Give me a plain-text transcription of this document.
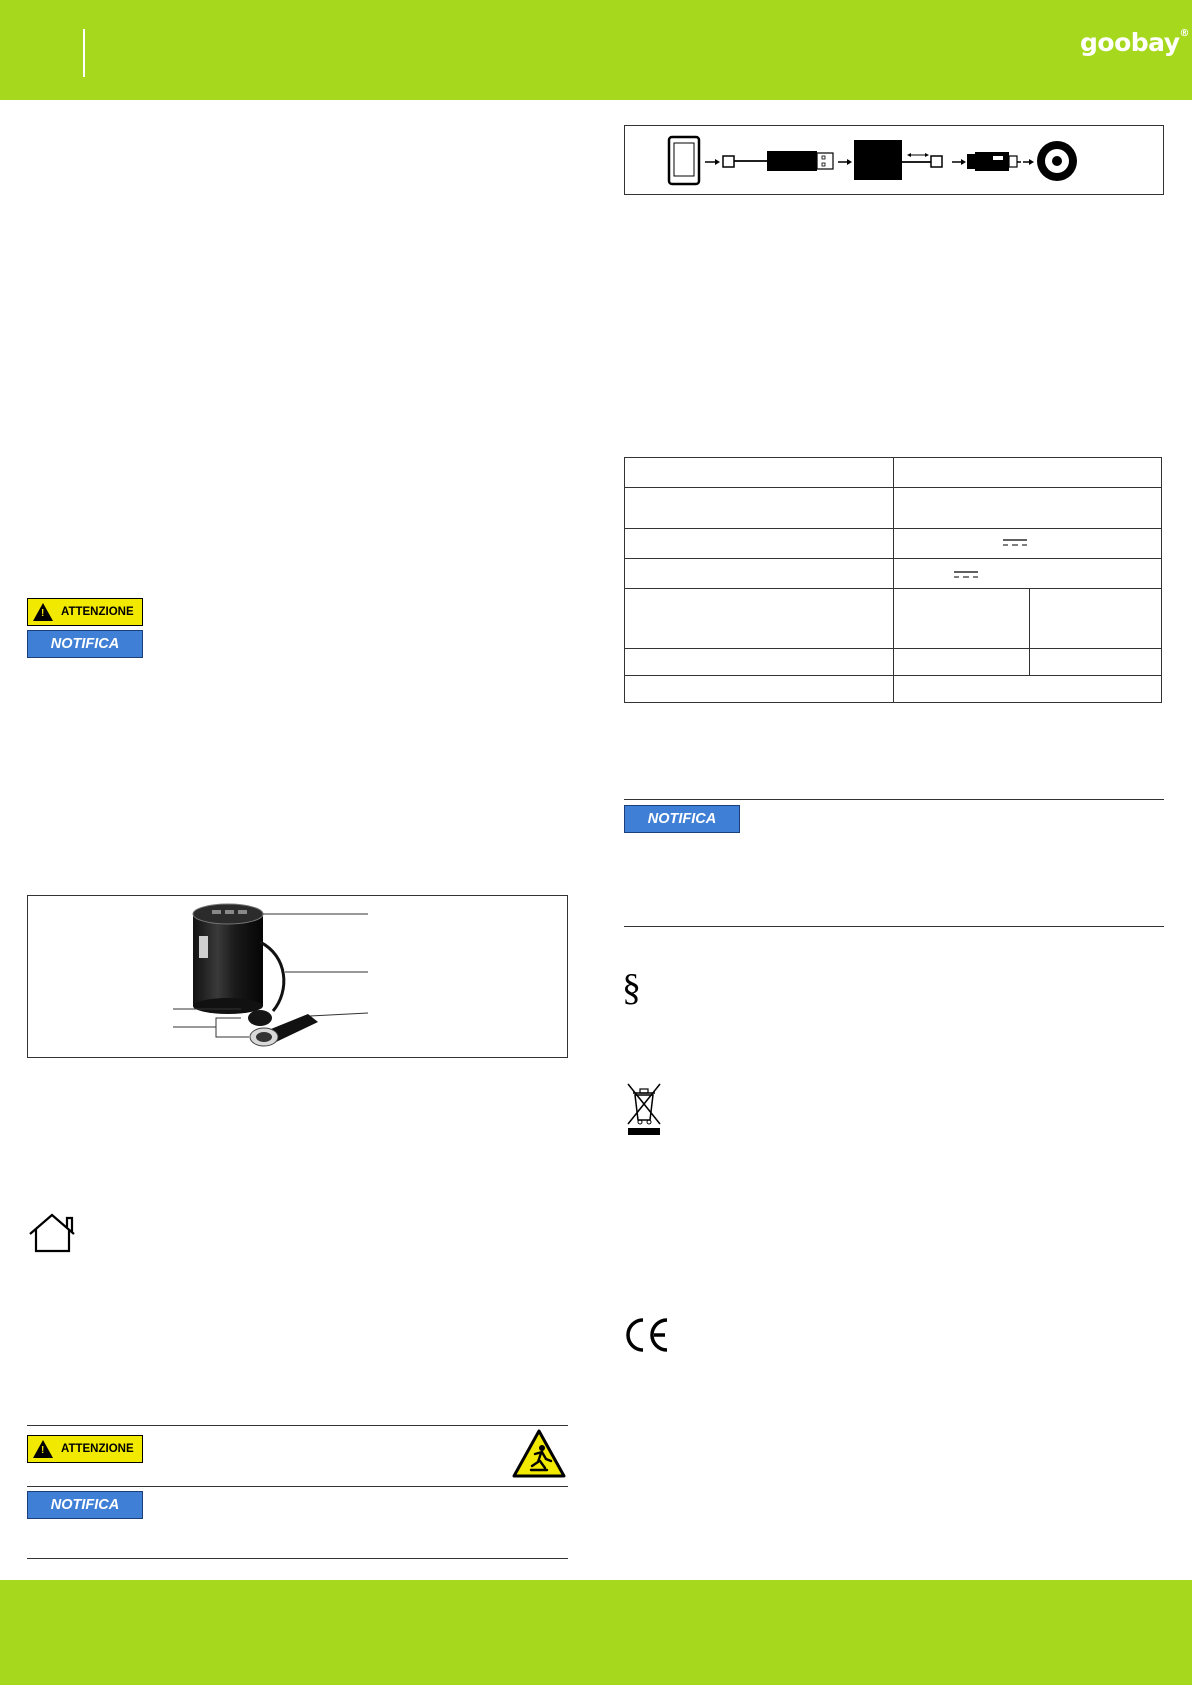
goobay®
! ATTENZIONE
NOTIFICA
! ATTENZIONE
NOTIFICA

NOTIFICA
§
